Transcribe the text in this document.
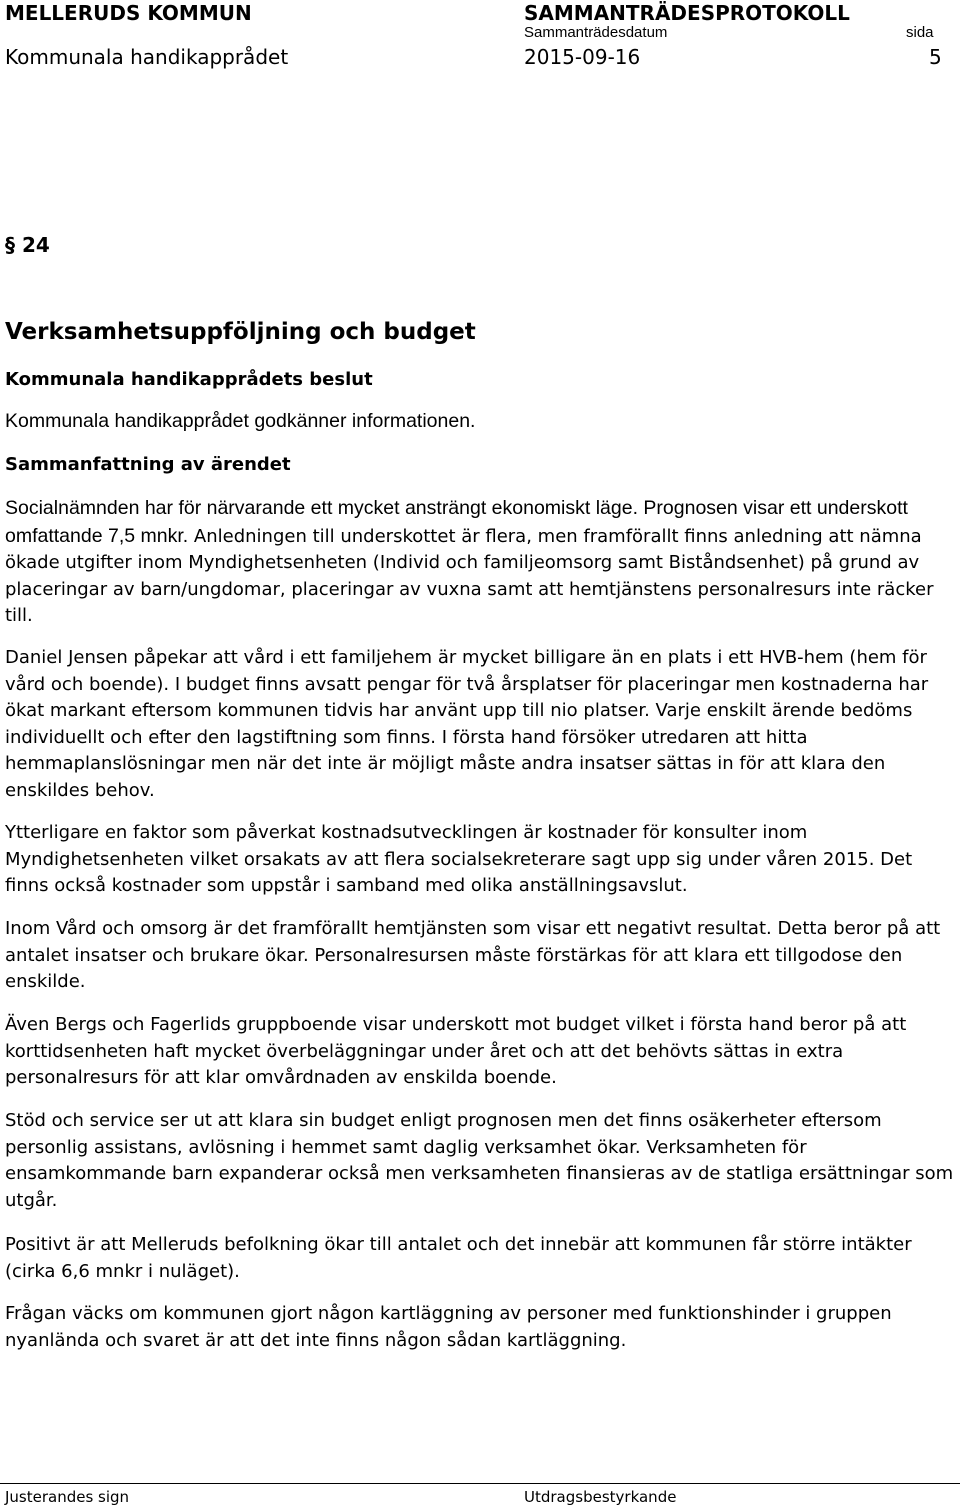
MELLERUDS KOMMUN	SAMMANTRÄDESPROTOKOLL
Sammanträdesdatum	sida
Kommunala handikapprådet	2015-09-16	5
§ 24
Verksamhetsuppföljning och budget
Kommunala handikapprådets beslut
Kommunala handikapprådet godkänner informationen.
Sammanfattning av ärendet
Socialnämnden har för närvarande ett mycket ansträngt ekonomiskt läge. Prognosen visar ett underskott omfattande 7,5 mnkr. Anledningen till underskottet är flera, men framförallt finns anledning att nämna ökade utgifter inom Myndighetsenheten (Individ och familjeomsorg samt Biståndsenhet) på grund av placeringar av barn/ungdomar, placeringar av vuxna samt att hemtjänstens personalresurs inte räcker till.
Daniel Jensen påpekar att vård i ett familjehem är mycket billigare än en plats i ett HVB-hem (hem för vård och boende). I budget finns avsatt pengar för två årsplatser för placeringar men kostnaderna har ökat markant eftersom kommunen tidvis har använt upp till nio platser. Varje enskilt ärende bedöms individuellt och efter den lagstiftning som finns. I första hand försöker utredaren att hitta hemmaplanslösningar men när det inte är möjligt måste andra insatser sättas in för att klara den enskildes behov.
Ytterligare en faktor som påverkat kostnadsutvecklingen är kostnader för konsulter inom Myndighetsenheten vilket orsakats av att flera socialsekreterare sagt upp sig under våren 2015. Det finns också kostnader som uppstår i samband med olika anställningsavslut.
Inom Vård och omsorg är det framförallt hemtjänsten som visar ett negativt resultat. Detta beror på att antalet insatser och brukare ökar. Personalresursen måste förstärkas för att klara ett tillgodose den enskilde.
Även Bergs och Fagerlids gruppboende visar underskott mot budget vilket i första hand beror på att korttidsenheten haft mycket överbeläggningar under året och att det behövts sättas in extra personalresurs för att klar omvårdnaden av enskilda boende.
Stöd och service ser ut att klara sin budget enligt prognosen men det finns osäkerheter eftersom personlig assistans, avlösning i hemmet samt daglig verksamhet ökar. Verksamheten för ensamkommande barn expanderar också men verksamheten finansieras av de statliga ersättningar som utgår.
Positivt är att Melleruds befolkning ökar till antalet och det innebär att kommunen får större intäkter (cirka 6,6 mnkr i nuläget).
Frågan väcks om kommunen gjort någon kartläggning av personer med funktionshinder i gruppen nyanlända och svaret är att det inte finns någon sådan kartläggning.
Justerandes sign	Utdragsbestyrkande
